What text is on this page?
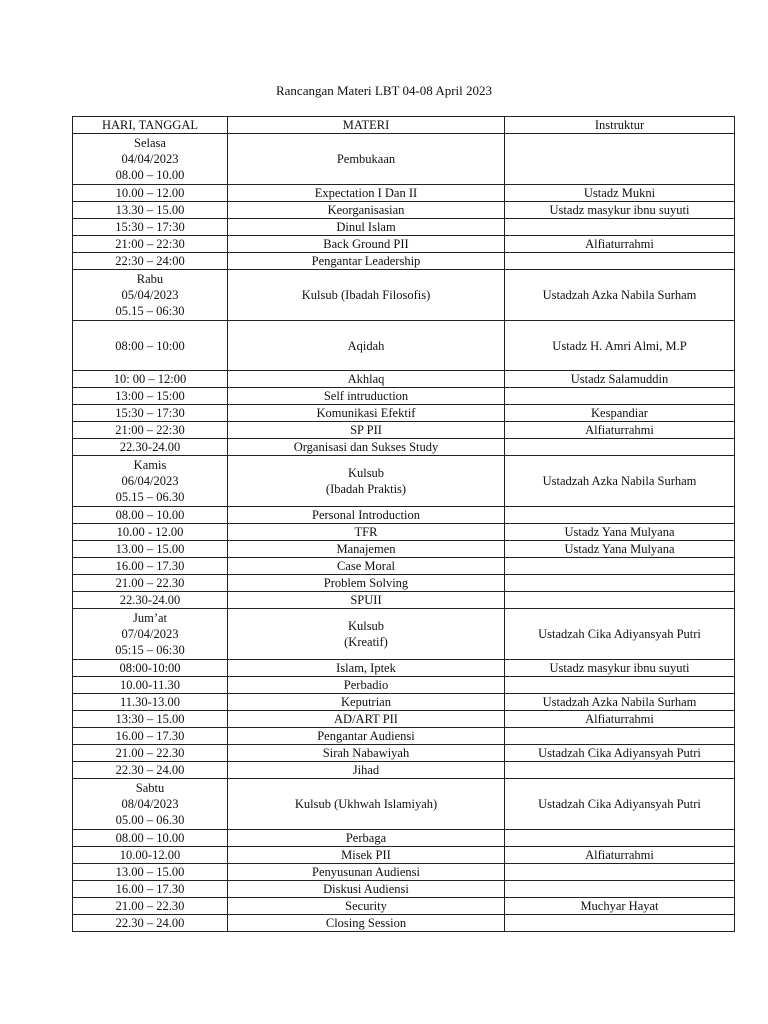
Rancangan Materi LBT 04-08 April 2023
HARI, TANGGAL	MATERI	Instruktur

Selasa
04/04/2023
08.00 – 10.00	Pembukaan	

10.00 – 12.00	Expectation I Dan II	Ustadz Mukni

13.30 – 15.00	Keorganisasian	Ustadz masykur ibnu suyuti

15:30 – 17:30	Dinul Islam	

21:00 – 22:30	Back Ground PII	Alfiaturrahmi

22:30 – 24:00	Pengantar Leadership	

Rabu
05/04/2023
05.15 – 06:30	Kulsub (Ibadah Filosofis)	Ustadzah Azka Nabila Surham

08:00 – 10:00	Aqidah	Ustadz H. Amri Almi, M.P

10: 00 – 12:00	Akhlaq	Ustadz Salamuddin

13:00 – 15:00	Self intruduction	

15:30 – 17:30	Komunikasi Efektif	Kespandiar

21:00 – 22:30	SP PII	Alfiaturrahmi

22.30-24.00	Organisasi dan Sukses Study	

Kamis
06/04/2023
05.15 – 06.30	Kulsub
(Ibadah Praktis)	Ustadzah Azka Nabila Surham

08.00 – 10.00	Personal Introduction	

10.00 - 12.00	TFR	Ustadz Yana Mulyana

13.00 – 15.00	Manajemen	Ustadz Yana Mulyana

16.00 – 17.30	Case Moral	

21.00 – 22.30	Problem Solving	

22.30-24.00	SPUII	

Jum’at
07/04/2023
05:15 – 06:30	Kulsub
(Kreatif)	Ustadzah Cika Adiyansyah Putri

08:00-10:00	Islam, Iptek	Ustadz masykur ibnu suyuti

10.00-11.30	Perbadio	

11.30-13.00	Keputrian	Ustadzah Azka Nabila Surham

13:30 – 15.00	AD/ART PII	Alfiaturrahmi

16.00 – 17.30	Pengantar Audiensi	

21.00 – 22.30	Sirah Nabawiyah	Ustadzah Cika Adiyansyah Putri

22.30 – 24.00	Jihad	

Sabtu
08/04/2023
05.00 – 06.30	Kulsub (Ukhwah Islamiyah)	Ustadzah Cika Adiyansyah Putri

08.00 – 10.00	Perbaga	

10.00-12.00	Misek PII	Alfiaturrahmi

13.00 – 15.00	Penyusunan Audiensi	

16.00 – 17.30	Diskusi Audiensi	

21.00 – 22.30	Security	Muchyar Hayat

22.30 – 24.00	Closing Session	
